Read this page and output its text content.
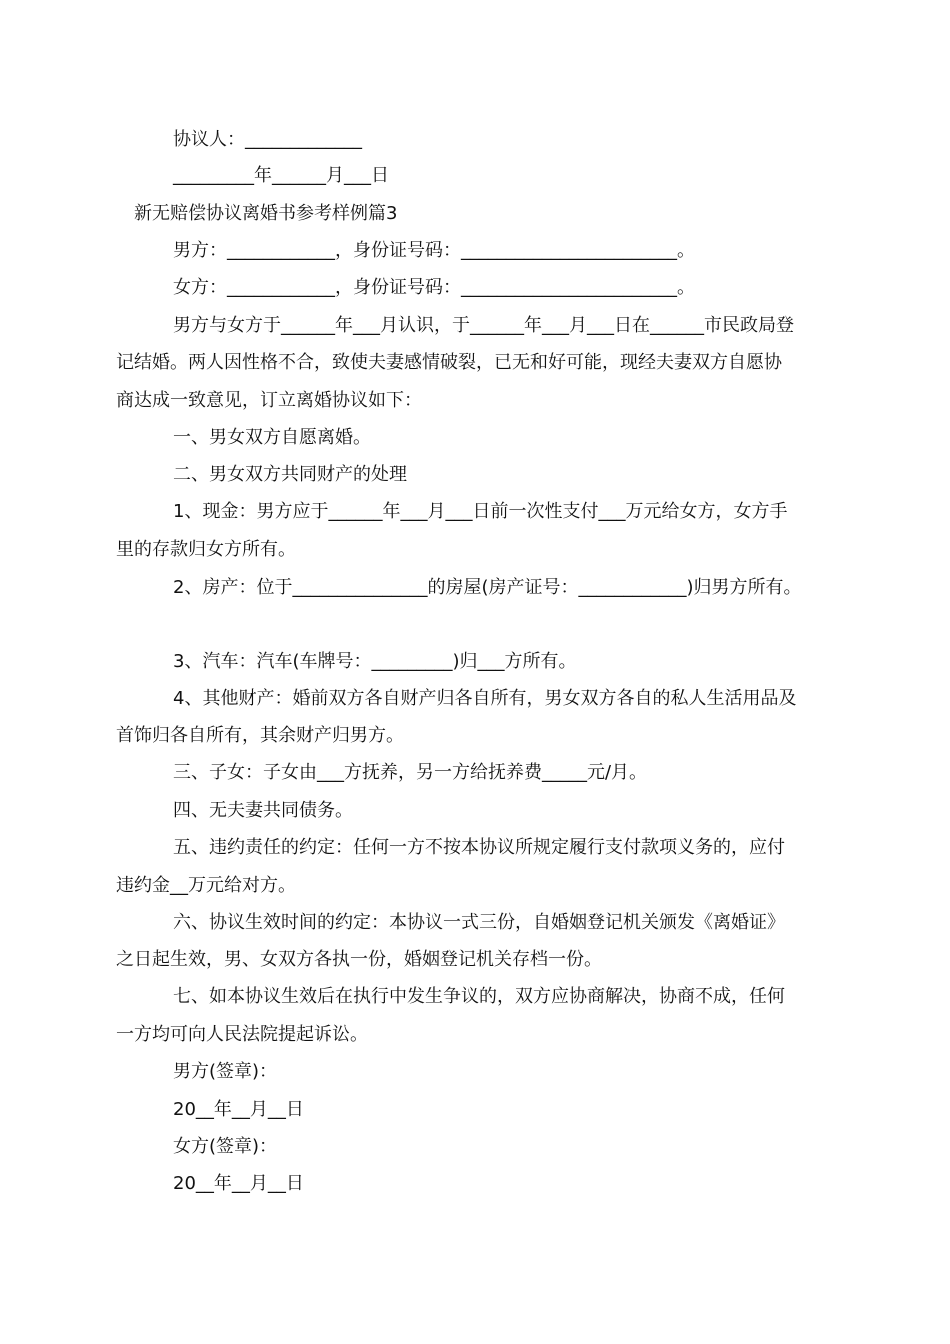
协议人：_____________
_________年______月___日
新无赔偿协议离婚书参考样例篇3
男方：____________，身份证号码：________________________。
女方：____________，身份证号码：________________________。
男方与女方于______年___月认识，于______年___月___日在______市民政局登
记结婚。两人因性格不合，致使夫妻感情破裂，已无和好可能，现经夫妻双方自愿协
商达成一致意见，订立离婚协议如下：
一、男女双方自愿离婚。
二、男女双方共同财产的处理
1、现金：男方应于______年___月___日前一次性支付___万元给女方，女方手
里的存款归女方所有。
2、房产：位于_______________的房屋(房产证号：____________)归男方所有。
3、汽车：汽车(车牌号：_________)归___方所有。
4、其他财产：婚前双方各自财产归各自所有，男女双方各自的私人生活用品及
首饰归各自所有，其余财产归男方。
三、子女：子女由___方抚养，另一方给抚养费_____元/月。
四、无夫妻共同债务。
五、违约责任的约定：任何一方不按本协议所规定履行支付款项义务的，应付
违约金__万元给对方。
六、协议生效时间的约定：本协议一式三份，自婚姻登记机关颁发《离婚证》
之日起生效，男、女双方各执一份，婚姻登记机关存档一份。
七、如本协议生效后在执行中发生争议的，双方应协商解决，协商不成，任何
一方均可向人民法院提起诉讼。
男方(签章)：
20__年__月__日
女方(签章)：
20__年__月__日
